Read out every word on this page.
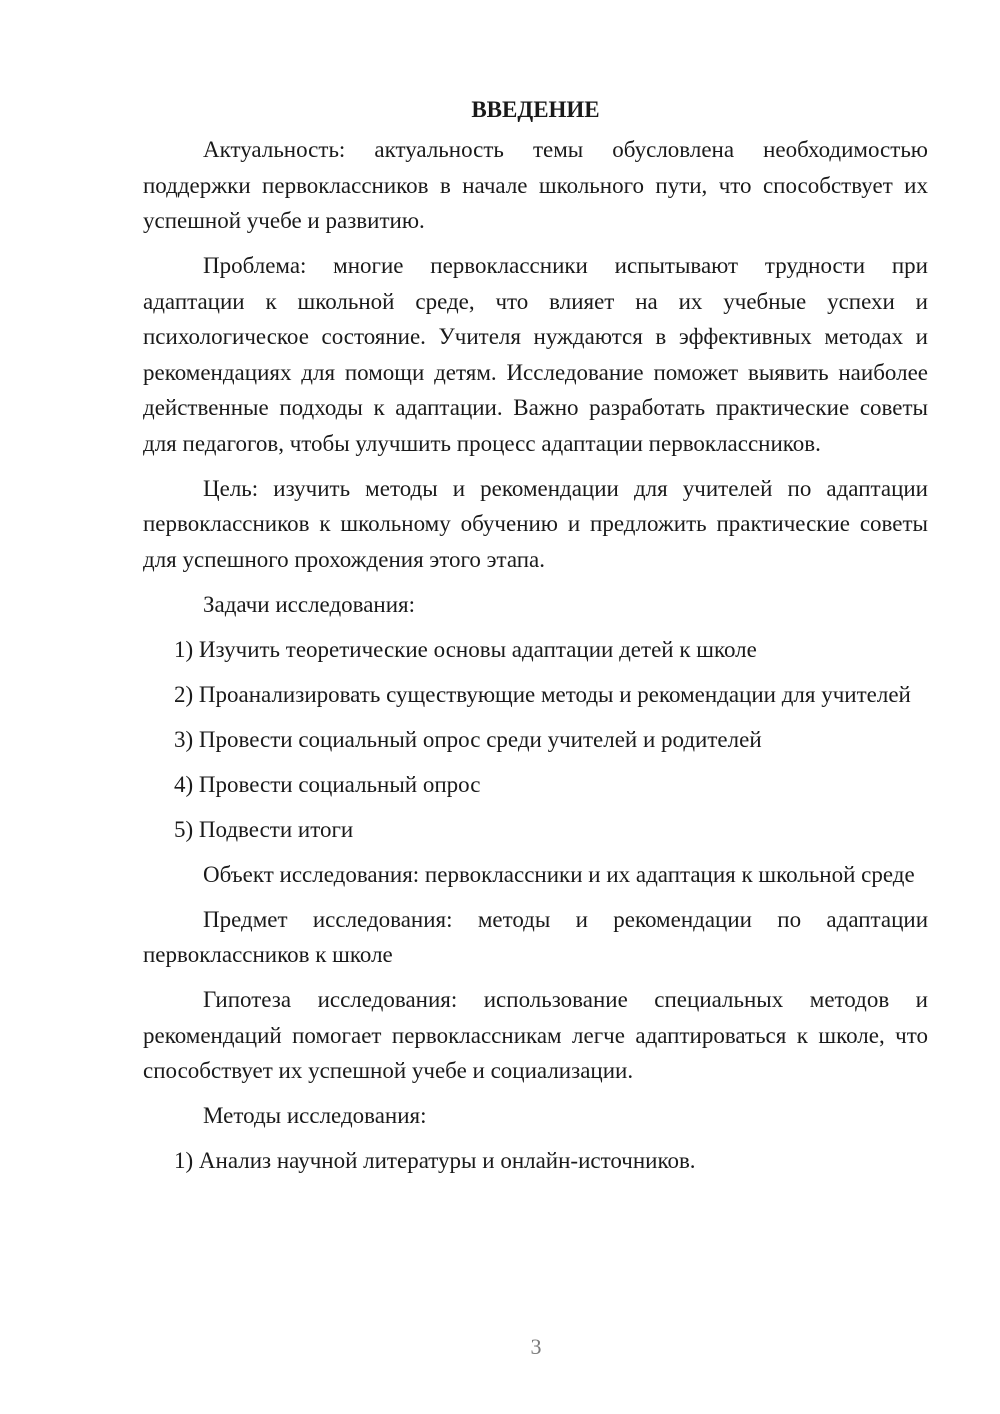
ВВЕДЕНИЕ

Актуальность: актуальность темы обусловлена необходимостью поддержки первоклассников в начале школьного пути, что способствует их успешной учебе и развитию.

Проблема: многие первоклассники испытывают трудности при адаптации к школьной среде, что влияет на их учебные успехи и психологическое состояние. Учителя нуждаются в эффективных методах и рекомендациях для помощи детям. Исследование поможет выявить наиболее действенные подходы к адаптации. Важно разработать практические советы для педагогов, чтобы улучшить процесс адаптации первоклассников.

Цель: изучить методы и рекомендации для учителей по адаптации первоклассников к школьному обучению и предложить практические советы для успешного прохождения этого этапа.

Задачи исследования:

1) Изучить теоретические основы адаптации детей к школе

2) Проанализировать существующие методы и рекомендации для учителей

3) Провести социальный опрос среди учителей и родителей

4) Провести социальный опрос

5) Подвести итоги

Объект исследования: первоклассники и их адаптация к школьной среде

Предмет исследования: методы и рекомендации по адаптации первоклассников к школе

Гипотеза исследования: использование специальных методов и рекомендаций помогает первоклассникам легче адаптироваться к школе, что способствует их успешной учебе и социализации.

Методы исследования:

1) Анализ научной литературы и онлайн-источников.

3
